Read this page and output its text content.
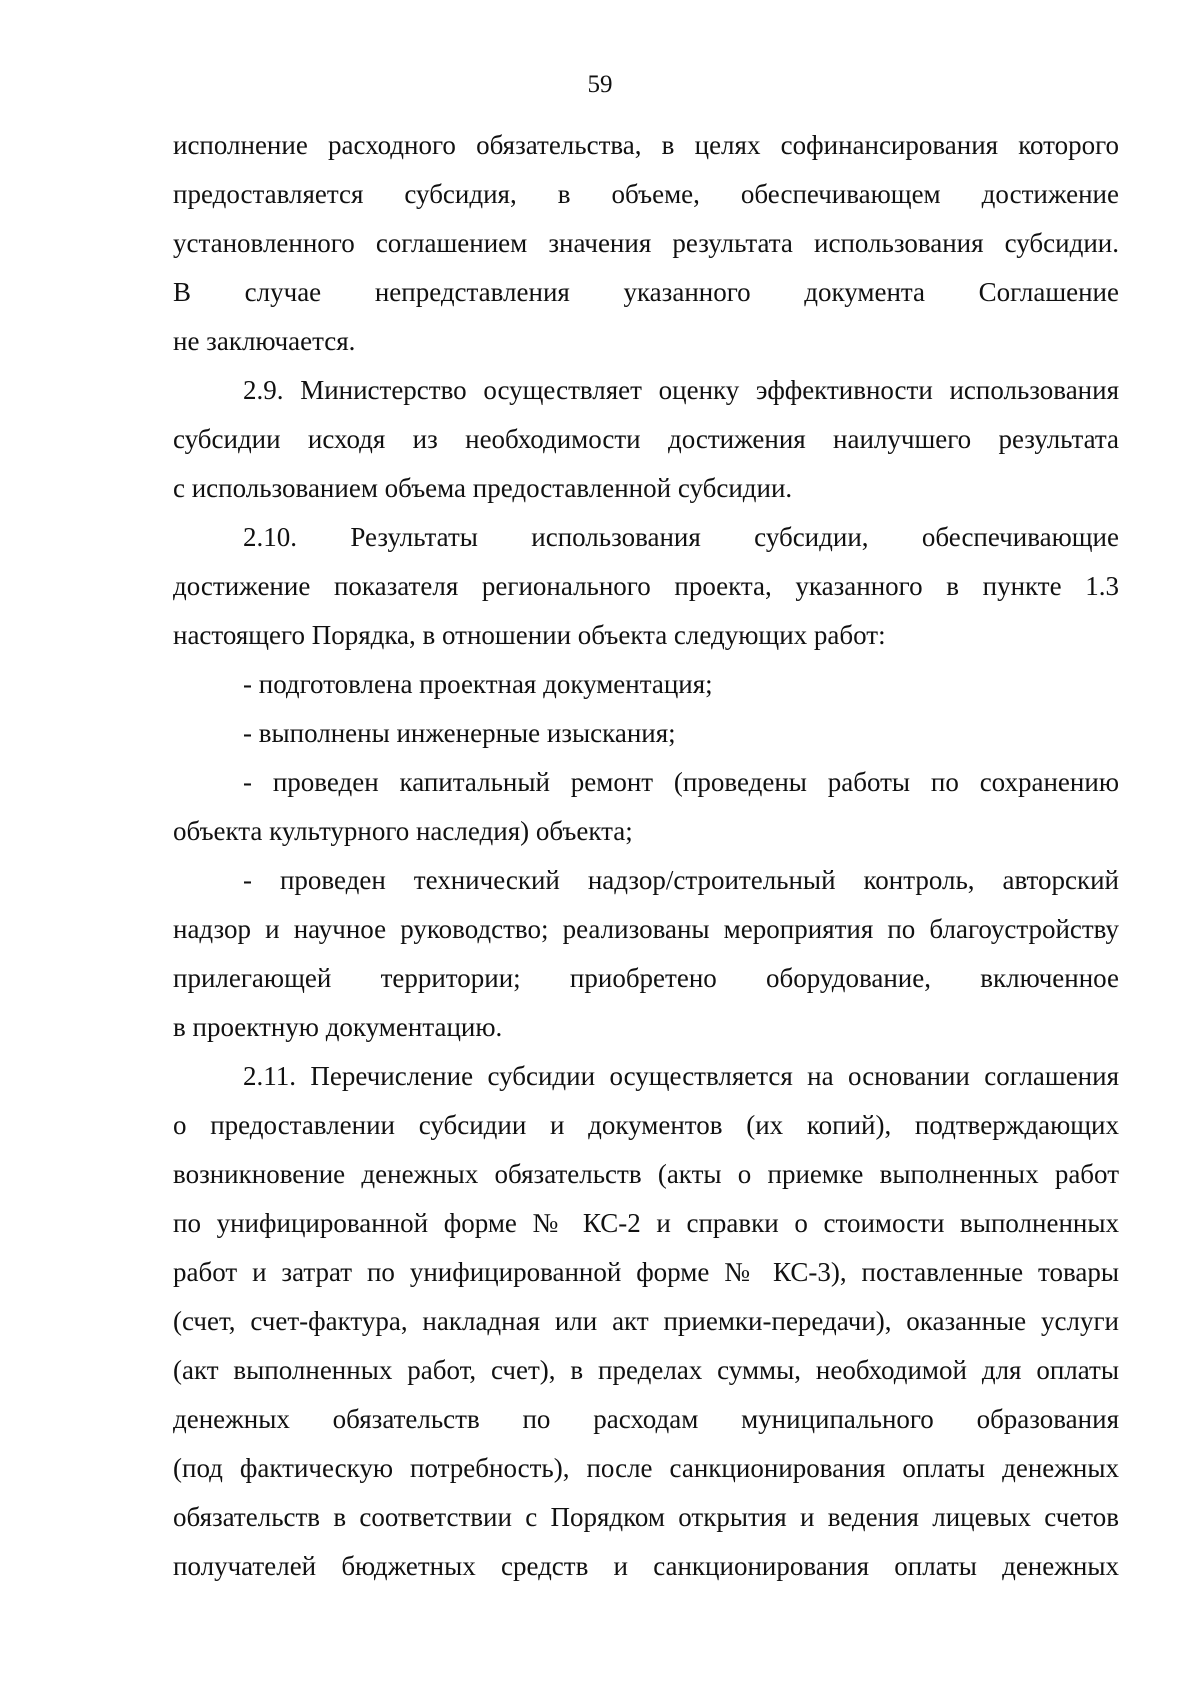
59
исполнение расходного обязательства, в целях софинансирования которого
предоставляется субсидия, в объеме, обеспечивающем достижение
установленного соглашением значения результата использования субсидии.
В случае непредставления указанного документа Соглашение
не заключается.
2.9. Министерство осуществляет оценку эффективности использования
субсидии исходя из необходимости достижения наилучшего результата
с использованием объема предоставленной субсидии.
2.10. Результаты использования субсидии, обеспечивающие
достижение показателя регионального проекта, указанного в пункте 1.3
настоящего Порядка, в отношении объекта следующих работ:
- подготовлена проектная документация;
- выполнены инженерные изыскания;
- проведен капитальный ремонт (проведены работы по сохранению
объекта культурного наследия) объекта;
- проведен технический надзор/строительный контроль, авторский
надзор и научное руководство; реализованы мероприятия по благоустройству
прилегающей территории; приобретено оборудование, включенное
в проектную документацию.
2.11. Перечисление субсидии осуществляется на основании соглашения
о предоставлении субсидии и документов (их копий), подтверждающих
возникновение денежных обязательств (акты о приемке выполненных работ
по унифицированной форме № КС-2 и справки о стоимости выполненных
работ и затрат по унифицированной форме № КС-3), поставленные товары
(счет, счет-фактура, накладная или акт приемки-передачи), оказанные услуги
(акт выполненных работ, счет), в пределах суммы, необходимой для оплаты
денежных обязательств по расходам муниципального образования
(под фактическую потребность), после санкционирования оплаты денежных
обязательств в соответствии с Порядком открытия и ведения лицевых счетов
получателей бюджетных средств и санкционирования оплаты денежных
